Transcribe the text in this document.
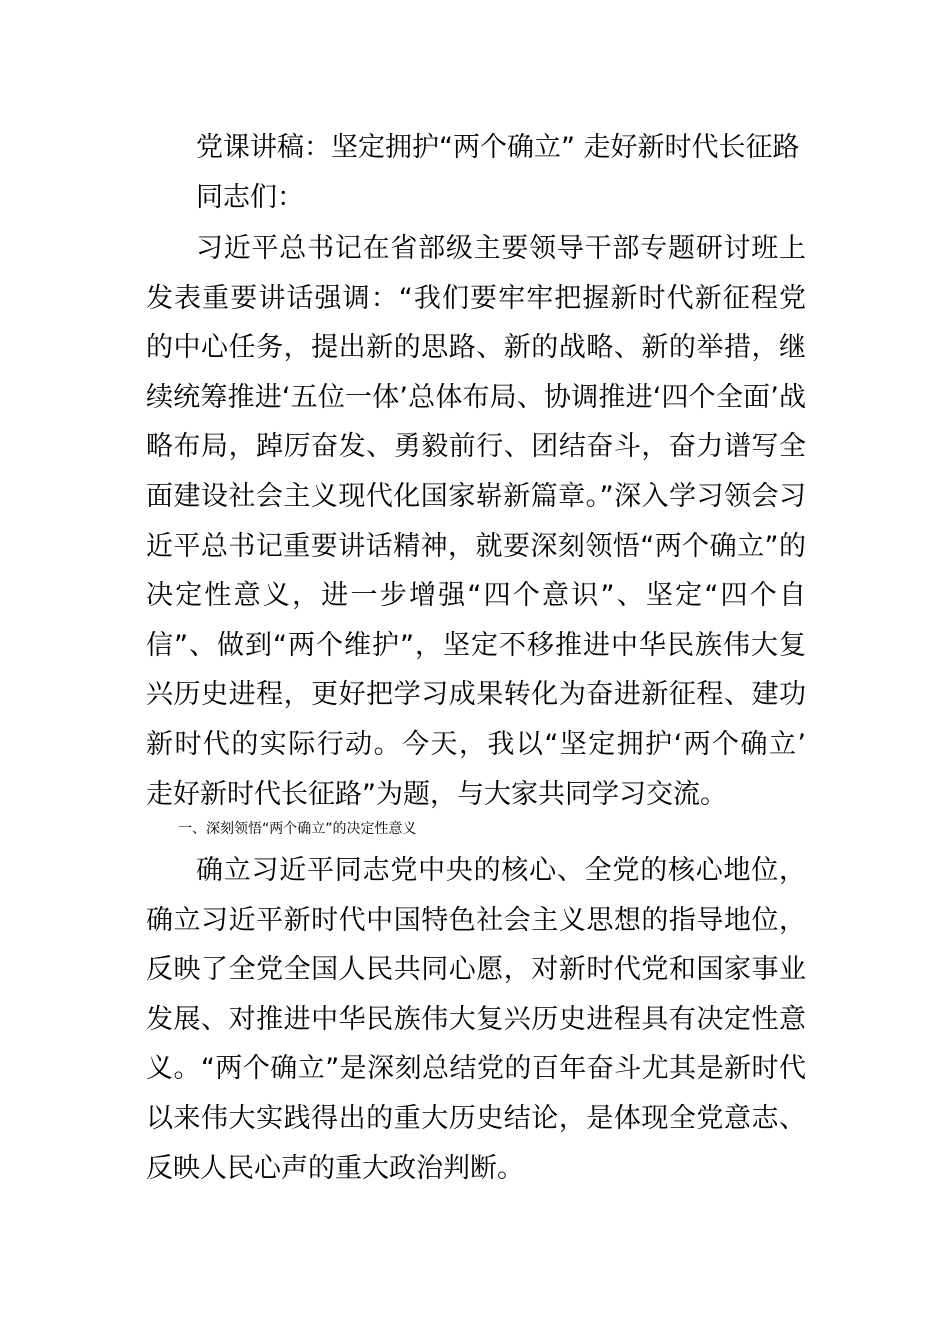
党课讲稿：坚定拥护“两个确立” 走好新时代长征路
同志们：

习近平总书记在省部级主要领导干部专题研讨班上发表重要讲话强调：“我们要牢牢把握新时代新征程党的中心任务，提出新的思路、新的战略、新的举措，继续统筹推进‘五位一体’总体布局、协调推进‘四个全面’战略布局，踔厉奋发、勇毅前行、团结奋斗，奋力谱写全面建设社会主义现代化国家崭新篇章。”深入学习领会习近平总书记重要讲话精神，就要深刻领悟“两个确立”的决定性意义，进一步增强“四个意识”、坚定“四个自信”、做到“两个维护”，坚定不移推进中华民族伟大复兴历史进程，更好把学习成果转化为奋进新征程、建功新时代的实际行动。今天，我以“坚定拥护‘两个确立’ 走好新时代长征路”为题，与大家共同学习交流。

一、深刻领悟“两个确立”的决定性意义

确立习近平同志党中央的核心、全党的核心地位，确立习近平新时代中国特色社会主义思想的指导地位，反映了全党全国人民共同心愿，对新时代党和国家事业发展、对推进中华民族伟大复兴历史进程具有决定性意义。“两个确立”是深刻总结党的百年奋斗尤其是新时代以来伟大实践得出的重大历史结论，是体现全党意志、反映人民心声的重大政治判断。
